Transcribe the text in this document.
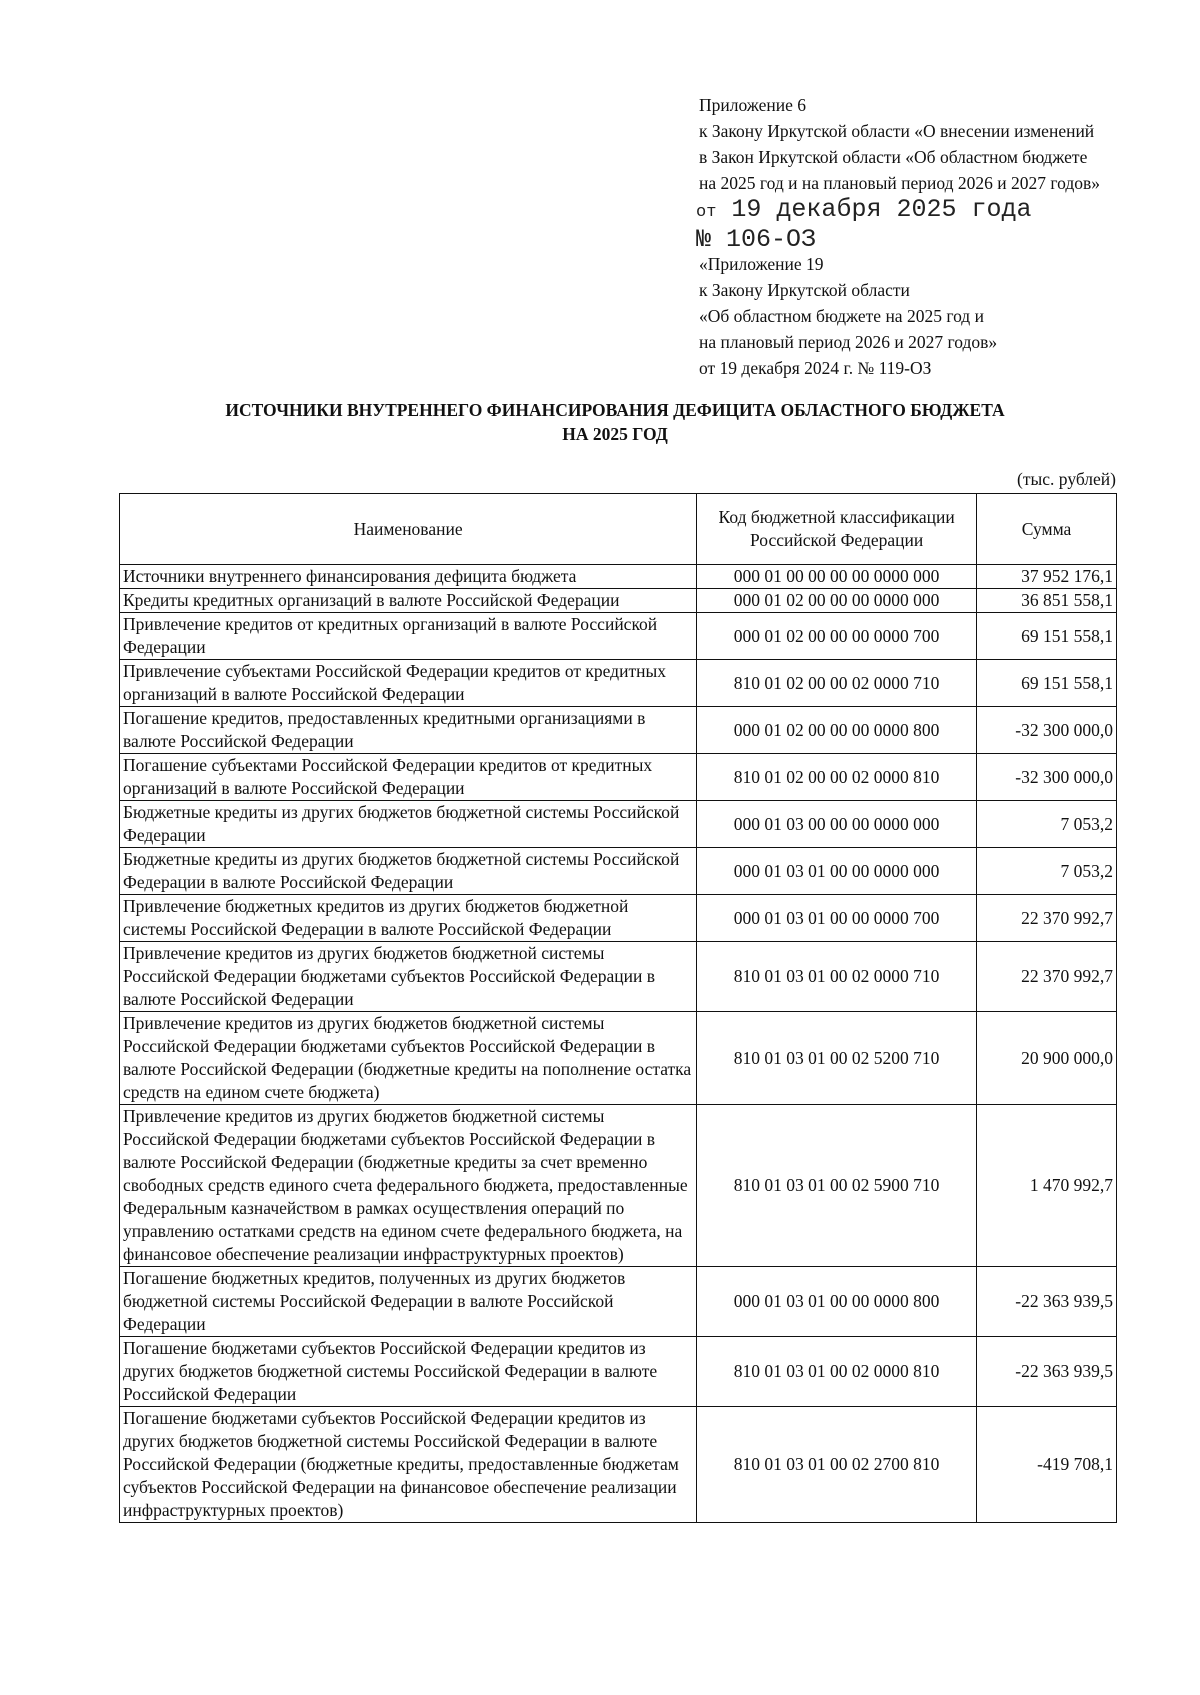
Приложение 6
к Закону Иркутской области «О внесении изменений
в Закон Иркутской области «Об областном бюджете
на 2025 год и на плановый период 2026 и 2027 годов»
от 19 декабря 2025 года
№ 106-ОЗ
«Приложение 19
к Закону Иркутской области
«Об областном бюджете на 2025 год и
на плановый период 2026 и 2027 годов»
от 19 декабря 2024 г. № 119-ОЗ
ИСТОЧНИКИ ВНУТРЕННЕГО ФИНАНСИРОВАНИЯ ДЕФИЦИТА ОБЛАСТНОГО БЮДЖЕТА
НА 2025 ГОД
(тыс. рублей)
Наименование	Код бюджетной классификации Российской Федерации	Сумма
Источники внутреннего финансирования дефицита бюджета	000 01 00 00 00 00 0000 000	37 952 176,1
Кредиты кредитных организаций в валюте Российской Федерации	000 01 02 00 00 00 0000 000	36 851 558,1
Привлечение кредитов от кредитных организаций в валюте Российской Федерации	000 01 02 00 00 00 0000 700	69 151 558,1
Привлечение субъектами Российской Федерации кредитов от кредитных организаций в валюте Российской Федерации	810 01 02 00 00 02 0000 710	69 151 558,1
Погашение кредитов, предоставленных кредитными организациями в валюте Российской Федерации	000 01 02 00 00 00 0000 800	-32 300 000,0
Погашение субъектами Российской Федерации кредитов от кредитных организаций в валюте Российской Федерации	810 01 02 00 00 02 0000 810	-32 300 000,0
Бюджетные кредиты из других бюджетов бюджетной системы Российской Федерации	000 01 03 00 00 00 0000 000	7 053,2
Бюджетные кредиты из других бюджетов бюджетной системы Российской Федерации в валюте Российской Федерации	000 01 03 01 00 00 0000 000	7 053,2
Привлечение бюджетных кредитов из других бюджетов бюджетной системы Российской Федерации в валюте Российской Федерации	000 01 03 01 00 00 0000 700	22 370 992,7
Привлечение кредитов из других бюджетов бюджетной системы Российской Федерации бюджетами субъектов Российской Федерации в валюте Российской Федерации	810 01 03 01 00 02 0000 710	22 370 992,7
Привлечение кредитов из других бюджетов бюджетной системы Российской Федерации бюджетами субъектов Российской Федерации в валюте Российской Федерации (бюджетные кредиты на пополнение остатка средств на едином счете бюджета)	810 01 03 01 00 02 5200 710	20 900 000,0
Привлечение кредитов из других бюджетов бюджетной системы Российской Федерации бюджетами субъектов Российской Федерации в валюте Российской Федерации (бюджетные кредиты за счет временно свободных средств единого счета федерального бюджета, предоставленные Федеральным казначейством в рамках осуществления операций по управлению остатками средств на едином счете федерального бюджета, на финансовое обеспечение реализации инфраструктурных проектов)	810 01 03 01 00 02 5900 710	1 470 992,7
Погашение бюджетных кредитов, полученных из других бюджетов бюджетной системы Российской Федерации в валюте Российской Федерации	000 01 03 01 00 00 0000 800	-22 363 939,5
Погашение бюджетами субъектов Российской Федерации кредитов из других бюджетов бюджетной системы Российской Федерации в валюте Российской Федерации	810 01 03 01 00 02 0000 810	-22 363 939,5
Погашение бюджетами субъектов Российской Федерации кредитов из других бюджетов бюджетной системы Российской Федерации в валюте Российской Федерации (бюджетные кредиты, предоставленные бюджетам субъектов Российской Федерации на финансовое обеспечение реализации инфраструктурных проектов)	810 01 03 01 00 02 2700 810	-419 708,1
